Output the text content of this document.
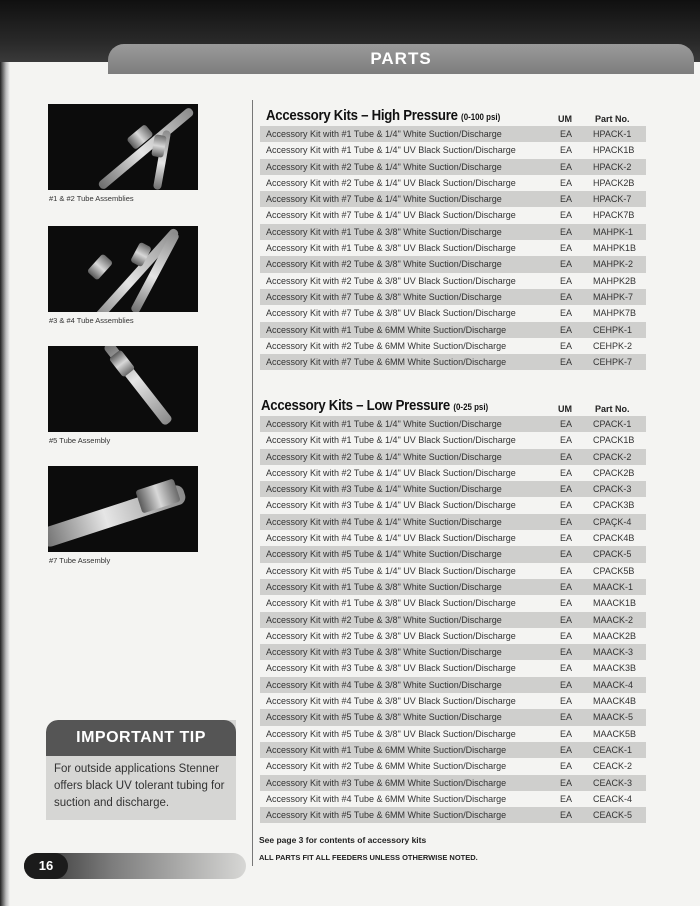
PARTS
#1 & #2 Tube Assemblies
#3 & #4 Tube Assemblies
#5 Tube Assembly
#7 Tube Assembly
Accessory Kits – High Pressure (0-100 psi)	UM	Part No.
Accessory Kit with #1 Tube & 1/4" White Suction/Discharge	EA HPACK-1
Accessory Kit with #1 Tube & 1/4" UV Black Suction/Discharge	EA HPACK1B
Accessory Kit with #2 Tube & 1/4" White Suction/Discharge	EA HPACK-2
Accessory Kit with #2 Tube & 1/4" UV Black Suction/Discharge	EA HPACK2B
Accessory Kit with #7 Tube & 1/4" White Suction/Discharge	EA HPACK-7
Accessory Kit with #7 Tube & 1/4" UV Black Suction/Discharge	EA HPACK7B
Accessory Kit with #1 Tube & 3/8" White Suction/Discharge	EA MAHPK-1
Accessory Kit with #1 Tube & 3/8" UV Black Suction/Discharge	EA MAHPK1B
Accessory Kit with #2 Tube & 3/8" White Suction/Discharge	EA MAHPK-2
Accessory Kit with #2 Tube & 3/8" UV Black Suction/Discharge	EA MAHPK2B
Accessory Kit with #7 Tube & 3/8" White Suction/Discharge	EA MAHPK-7
Accessory Kit with #7 Tube & 3/8" UV Black Suction/Discharge	EA MAHPK7B
Accessory Kit with #1 Tube & 6MM White Suction/Discharge	EA CEHPK-1
Accessory Kit with #2 Tube & 6MM White Suction/Discharge	EA CEHPK-2
Accessory Kit with #7 Tube & 6MM White Suction/Discharge	EA CEHPK-7
Accessory Kits – Low Pressure (0-25 psi)	UM	Part No.
Accessory Kit with #1 Tube & 1/4" White Suction/Discharge	EA CPACK-1
Accessory Kit with #1 Tube & 1/4" UV Black Suction/Discharge	EA CPACK1B
Accessory Kit with #2 Tube & 1/4" White Suction/Discharge	EA CPACK-2
Accessory Kit with #2 Tube & 1/4" UV Black Suction/Discharge	EA CPACK2B
Accessory Kit with #3 Tube & 1/4" White Suction/Discharge	EA CPACK-3
Accessory Kit with #3 Tube & 1/4" UV Black Suction/Discharge	EA CPACK3B
Accessory Kit with #4 Tube & 1/4" White Suction/Discharge	EA CPAÇK-4
Accessory Kit with #4 Tube & 1/4" UV Black Suction/Discharge	EA CPACK4B
Accessory Kit with #5 Tube & 1/4" White Suction/Discharge	EA CPACK-5
Accessory Kit with #5 Tube & 1/4" UV Black Suction/Discharge	EA CPACK5B
Accessory Kit with #1 Tube & 3/8" White Suction/Discharge	EA MAACK-1
Accessory Kit with #1 Tube & 3/8" UV Black Suction/Discharge	EA MAACK1B
Accessory Kit with #2 Tube & 3/8" White Suction/Discharge	EA MAACK-2
Accessory Kit with #2 Tube & 3/8" UV Black Suction/Discharge	EA MAACK2B
Accessory Kit with #3 Tube & 3/8" White Suction/Discharge	EA MAACK-3
Accessory Kit with #3 Tube & 3/8" UV Black Suction/Discharge	EA MAACK3B
Accessory Kit with #4 Tube & 3/8" White Suction/Discharge	EA MAACK-4
Accessory Kit with #4 Tube & 3/8" UV Black Suction/Discharge	EA MAACK4B
Accessory Kit with #5 Tube & 3/8" White Suction/Discharge	EA MAACK-5
Accessory Kit with #5 Tube & 3/8" UV Black Suction/Discharge	EA MAACK5B
Accessory Kit with #1 Tube & 6MM White Suction/Discharge	EA CEACK-1
Accessory Kit with #2 Tube & 6MM White Suction/Discharge	EA CEACK-2
Accessory Kit with #3 Tube & 6MM White Suction/Discharge	EA CEACK-3
Accessory Kit with #4 Tube & 6MM White Suction/Discharge	EA CEACK-4
Accessory Kit with #5 Tube & 6MM White Suction/Discharge	EA CEACK-5
See page 3 for contents of accessory kits
ALL PARTS FIT ALL FEEDERS UNLESS OTHERWISE NOTED.
IMPORTANT TIP
For outside applications Stenner offers black UV tolerant tubing for suction and discharge.
16
